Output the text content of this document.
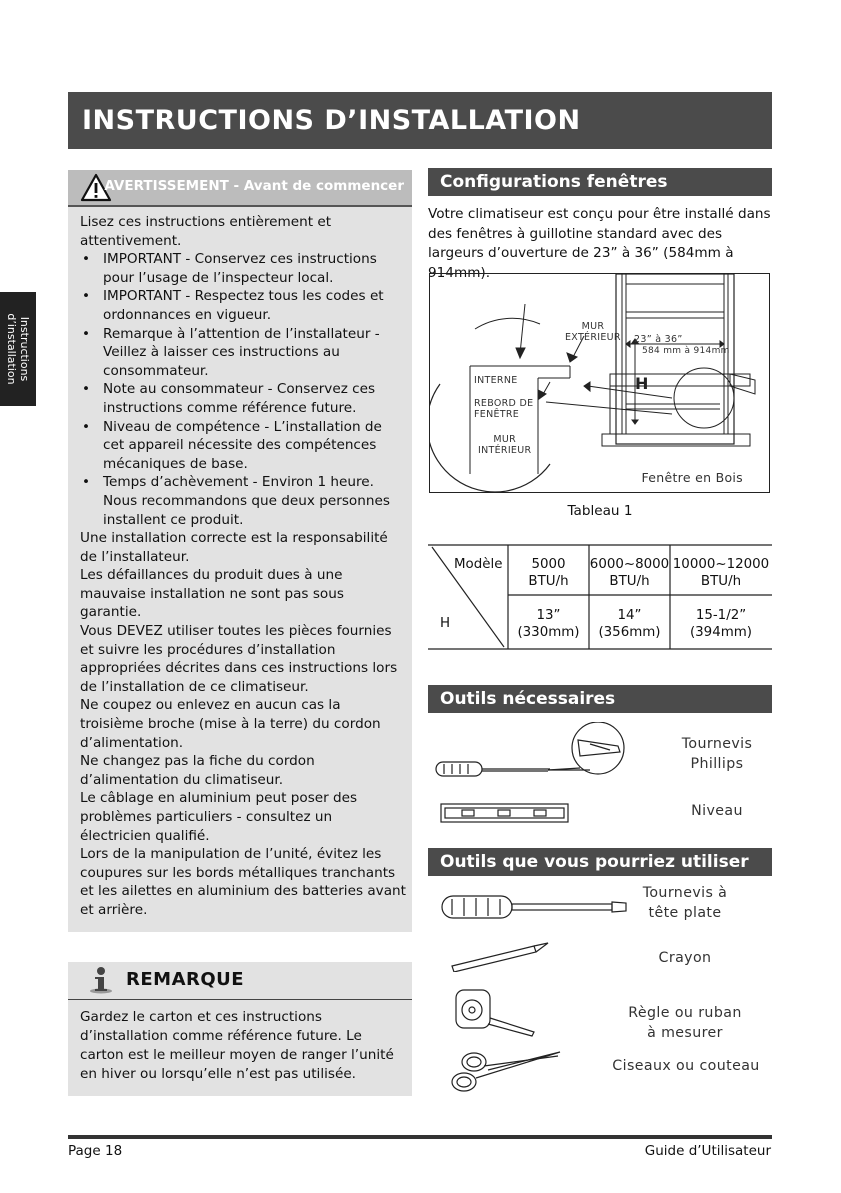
INSTRUCTIONS D’INSTALLATION
Instructions
d’installation
AVERTISSEMENT - Avant de commencer

Lisez ces instructions entièrement et attentivement.

• IMPORTANT - Conservez ces instructions pour l’usage de l’inspecteur local.
• IMPORTANT - Respectez tous les codes et ordonnances en vigueur.
• Remarque à l’attention de l’installateur - Veillez à laisser ces instructions au consommateur.
• Note au consommateur - Conservez ces instructions comme référence future.
• Niveau de compétence - L’installation de cet appareil nécessite des compétences mécaniques de base.
• Temps d’achèvement - Environ 1 heure. Nous recommandons que deux personnes installent ce produit.

Une installation correcte est la responsabilité de l’installateur.

Les défaillances du produit dues à une mauvaise installation ne sont pas sous garantie.

Vous DEVEZ utiliser toutes les pièces fournies et suivre les procédures d’installation appropriées décrites dans ces instructions lors de l’installation de ce climatiseur.

Ne coupez ou enlevez en aucun cas la troisième broche (mise à la terre) du cordon d’alimentation.

Ne changez pas la fiche du cordon d’alimentation du climatiseur.

Le câblage en aluminium peut poser des problèmes particuliers - consultez un électricien qualifié.

Lors de la manipulation de l’unité, évitez les coupures sur les bords métalliques tranchants et les ailettes en aluminium des batteries avant et arrière.

REMARQUE
Gardez le carton et ces instructions d’installation comme référence future. Le carton est le meilleur moyen de ranger l’unité en hiver ou lorsqu’elle n’est pas utilisée.
Configurations fenêtres
Votre climatiseur est conçu pour être installé dans des fenêtres à guillotine standard avec des largeurs d’ouverture de 23” à 36” (584mm à 914mm).
MUR
EXTÉRIEUR
INTERNE
REBORD DE
FENÊTRE
MUR
INTÉRIEUR
23” à 36”
584 mm à 914mm
H
Fenêtre en Bois
Tableau 1
Modèle
H
5000
BTU/h
6000~8000
BTU/h
10000~12000
BTU/h
13”
(330mm)
14”
(356mm)
15-1/2”
(394mm)
Outils nécessaires
Tournevis
Phillips
Niveau
Outils que vous pourriez utiliser
Tournevis à
tête plate
Crayon
Règle ou ruban
à mesurer
Ciseaux ou couteau
Page 18	Guide d’Utilisateur
